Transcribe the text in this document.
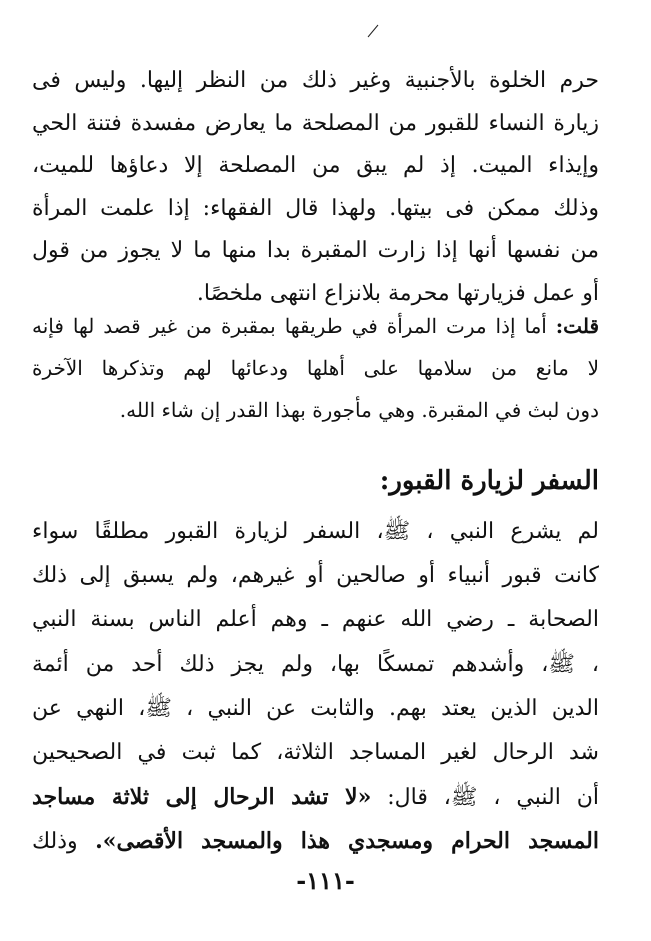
حرم الخلوة بالأجنبية وغير ذلك من النظر إليها. وليس فى
زيارة النساء للقبور من المصلحة ما يعارض مفسدة فتنة الحي
وإيذاء الميت. إذ لم يبق من المصلحة إلا دعاؤها للميت،
وذلك ممكن فى بيتها. ولهذا قال الفقهاء: إذا علمت المرأة
من نفسها أنها إذا زارت المقبرة بدا منها ما لا يجوز من قول
أو عمل فزيارتها محرمة بلانزاع انتهى ملخصًا.
قلت: أما إذا مرت المرأة في طريقها بمقبرة من غير قصد لها فإنه
لا مانع من سلامها على أهلها ودعائها لهم وتذكرها الآخرة
دون لبث في المقبرة. وهي مأجورة بهذا القدر إن شاء الله.
السفر لزيارة القبور:
لم يشرع النبي ، ﷺ، السفر لزيارة القبور مطلقًا سواء
كانت قبور أنبياء أو صالحين أو غيرهم، ولم يسبق إلى ذلك
الصحابة ـ رضي الله عنهم ـ وهم أعلم الناس بسنة النبي
، ﷺ، وأشدهم تمسكًا بها، ولم يجز ذلك أحد من أئمة
الدين الذين يعتد بهم. والثابت عن النبي ، ﷺ، النهي عن
شد الرحال لغير المساجد الثلاثة، كما ثبت في الصحيحين
أن النبي ، ﷺ، قال: «لا تشد الرحال إلى ثلاثة مساجد
المسجد الحرام ومسجدي هذا والمسجد الأقصى». وذلك
-١١١-
